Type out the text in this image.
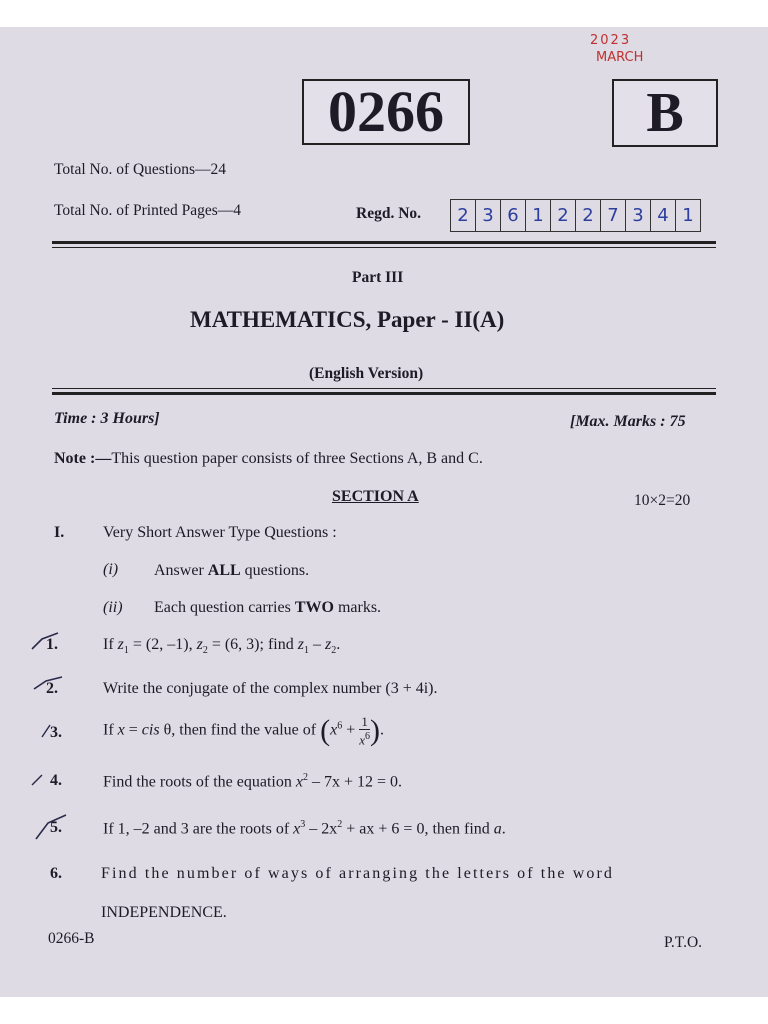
2023
MARCH
0266	B
Total No. of Questions—24
Total No. of Printed Pages—4	Regd. No.	2 3 6 1 2 2 7 3 4 1
Part III
MATHEMATICS, Paper - II(A)
(English Version)
Time : 3 Hours]	[Max. Marks : 75
Note :—This question paper consists of three Sections A, B and C.
SECTION A	10×2=20
I. Very Short Answer Type Questions :
(i) Answer ALL questions.
(ii) Each question carries TWO marks.
1.	If $z_1 = (2$, –1), $z_2 = (6$, 3); find $z_1 - z_2$.
2.	Write the conjugate of the complex number (3 + 4i).
3.	If x = cis θ, then find the value of ($x^6 + \frac{1}{x^6}$ ).
4.	Find the roots of the equation $x^2 - 7x + 12 = 0$.
5.	If 1, –2 and 3 are the roots of $x^3 - 2x^2$ + ax + 6 = 0, then find a.
6. Find the number of ways of arranging the letters of the word
INDEPENDENCE.
0266-B	P.T.O.
